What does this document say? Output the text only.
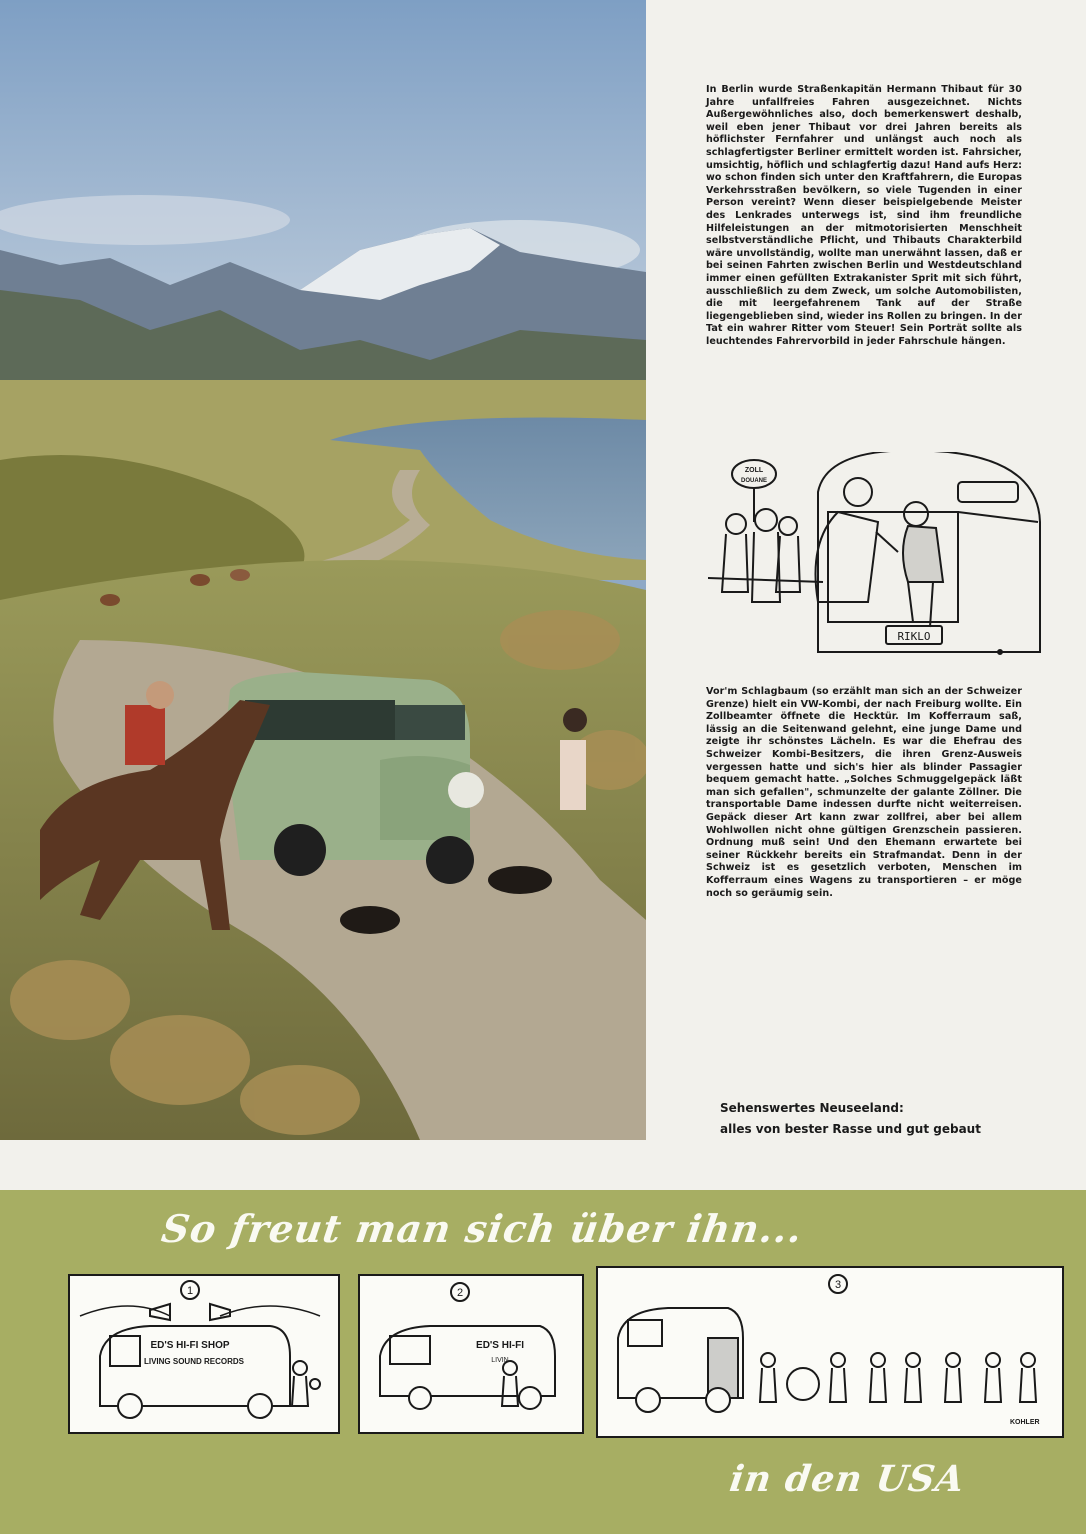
In Berlin wurde Straßenkapitän Hermann Thibaut für 30 Jahre unfallfreies Fahren ausgezeichnet. Nichts Außergewöhnliches also, doch bemerkenswert deshalb, weil eben jener Thibaut vor drei Jahren bereits als höflichster Fernfahrer und unlängst auch noch als schlagfertigster Berliner ermittelt worden ist. Fahrsicher, umsichtig, höflich und schlagfertig dazu! Hand aufs Herz: wo schon finden sich unter den Kraftfahrern, die Europas Verkehrsstraßen bevölkern, so viele Tugenden in einer Person vereint? Wenn dieser beispielgebende Meister des Lenkrades unterwegs ist, sind ihm freundliche Hilfeleistungen an der mitmotorisierten Menschheit selbstverständliche Pflicht, und Thibauts Charakterbild wäre unvollständig, wollte man unerwähnt lassen, daß er bei seinen Fahrten zwischen Berlin und Westdeutschland immer einen gefüllten Extrakanister Sprit mit sich führt, ausschließlich zu dem Zweck, um solche Automobilisten, die mit leergefahrenem Tank auf der Straße liegengeblieben sind, wieder ins Rollen zu bringen. In der Tat ein wahrer Ritter vom Steuer! Sein Porträt sollte als leuchtendes Fahrervorbild in jeder Fahrschule hängen.
RIKLO
ZOLL
DOUANE
Vor'm Schlagbaum (so erzählt man sich an der Schweizer Grenze) hielt ein VW-Kombi, der nach Freiburg wollte. Ein Zollbeamter öffnete die Hecktür. Im Kofferraum saß, lässig an die Seitenwand gelehnt, eine junge Dame und zeigte ihr schönstes Lächeln. Es war die Ehefrau des Schweizer Kombi-Besitzers, die ihren Grenz-Ausweis vergessen hatte und sich's hier als blinder Passagier bequem gemacht hatte. „Solches Schmuggelgepäck läßt man sich gefallen", schmunzelte der galante Zöllner. Die transportable Dame indessen durfte nicht weiterreisen. Gepäck dieser Art kann zwar zollfrei, aber bei allem Wohlwollen nicht ohne gültigen Grenzschein passieren. Ordnung muß sein! Und den Ehemann erwartete bei seiner Rückkehr bereits ein Strafmandat. Denn in der Schweiz ist es gesetzlich verboten, Menschen im Kofferraum eines Wagens zu transportieren – er möge noch so geräumig sein.
Sehenswertes Neuseeland:
alles von bester Rasse und gut gebaut
So freut man sich über ihn...
1
ED'S HI-FI SHOP
LIVING SOUND RECORDS
2
ED'S HI-FI
LIVIN
3
KOHLER
in den USA
